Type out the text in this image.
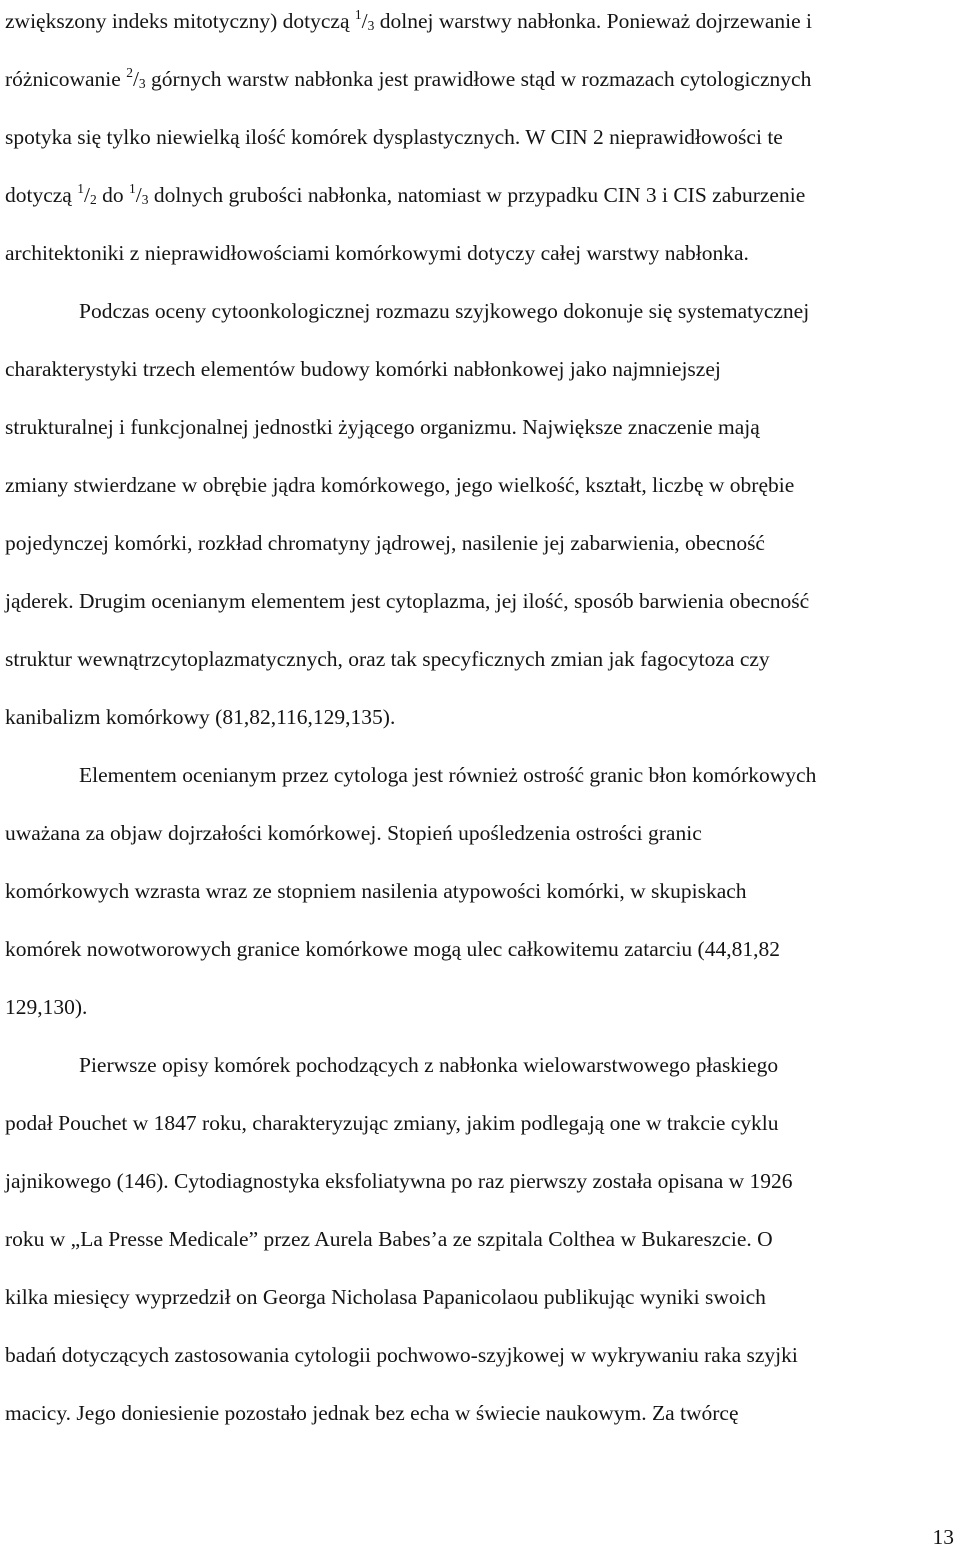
zwiększony indeks mitotyczny) dotyczą $^1/_3$ dolnej warstwy nabłonka. Ponieważ dojrzewanie i
różnicowanie $^2/_3$ górnych warstw nabłonka jest prawidłowe stąd w rozmazach cytologicznych
spotyka się tylko niewielką ilość komórek dysplastycznych. W CIN 2 nieprawidłowości te
dotyczą $^1/_2$ do $^1/_3$ dolnych grubości nabłonka, natomiast w przypadku CIN 3 i CIS zaburzenie
architektoniki z nieprawidłowościami komórkowymi dotyczy całej warstwy nabłonka.
Podczas oceny cytoonkologicznej rozmazu szyjkowego dokonuje się systematycznej
charakterystyki trzech elementów budowy komórki nabłonkowej jako najmniejszej
strukturalnej i funkcjonalnej jednostki żyjącego organizmu. Największe znaczenie mają
zmiany stwierdzane w obrębie jądra komórkowego, jego wielkość, kształt, liczbę w obrębie
pojedynczej komórki, rozkład chromatyny jądrowej, nasilenie jej zabarwienia, obecność
jąderek. Drugim ocenianym elementem jest cytoplazma, jej ilość, sposób barwienia obecność
struktur wewnątrzcytoplazmatycznych, oraz tak specyficznych zmian jak fagocytoza czy
kanibalizm komórkowy (81,82,116,129,135).
Elementem ocenianym przez cytologa jest również ostrość granic błon komórkowych
uważana za objaw dojrzałości komórkowej. Stopień upośledzenia ostrości granic
komórkowych wzrasta wraz ze stopniem nasilenia atypowości komórki, w skupiskach
komórek nowotworowych granice komórkowe mogą ulec całkowitemu zatarciu (44,81,82
129,130).
Pierwsze opisy komórek pochodzących z nabłonka wielowarstwowego płaskiego
podał Pouchet w 1847 roku, charakteryzując zmiany, jakim podlegają one w trakcie cyklu
jajnikowego (146). Cytodiagnostyka eksfoliatywna po raz pierwszy została opisana w 1926
roku w „La Presse Medicale” przez Aurela Babes’a ze szpitala Colthea w Bukareszcie. O
kilka miesięcy wyprzedził on Georga Nicholasa Papanicolaou publikując wyniki swoich
badań dotyczących zastosowania cytologii pochwowo-szyjkowej w wykrywaniu raka szyjki
macicy. Jego doniesienie pozostało jednak bez echa w świecie naukowym. Za twórcę
13
